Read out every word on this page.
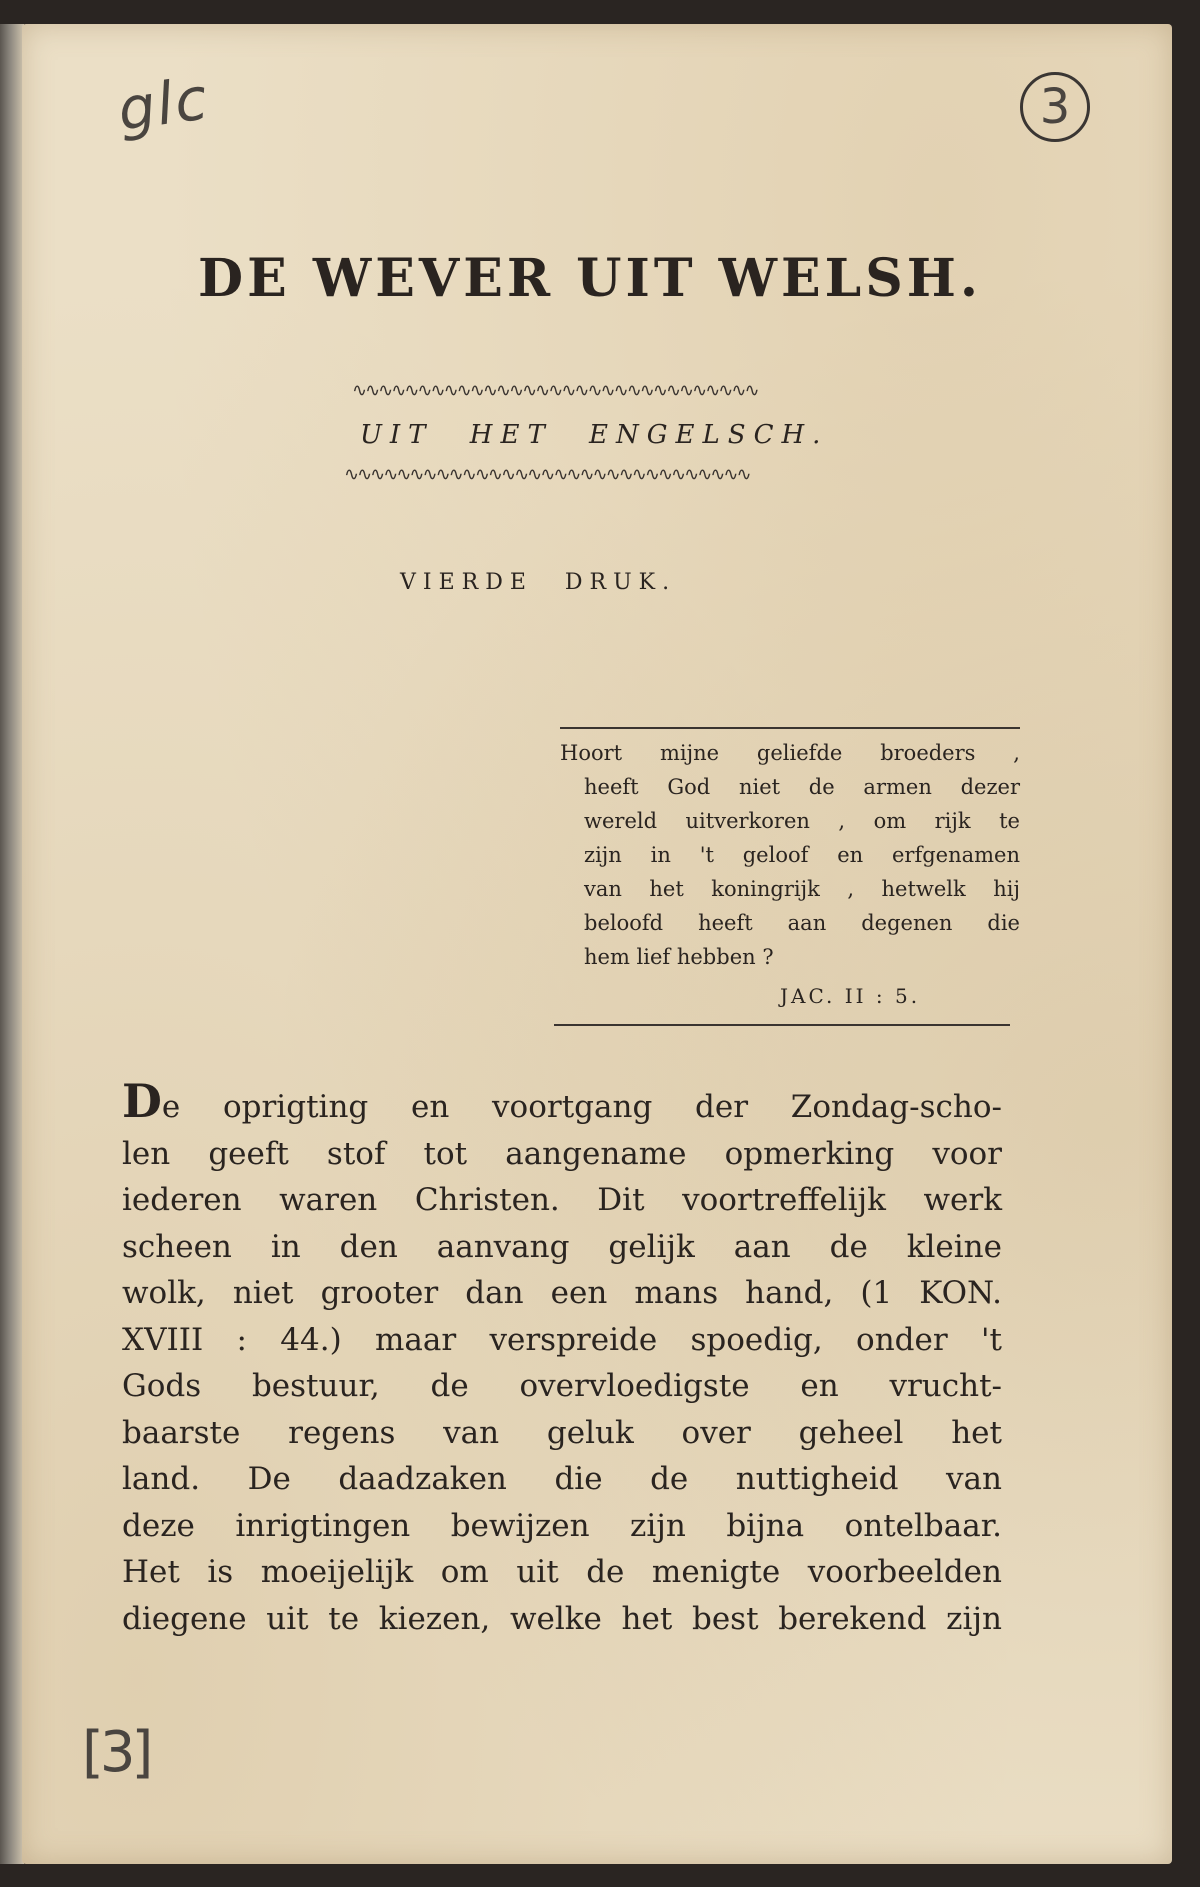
glc	3
DE WEVER UIT WELSH.
∿∿∿∿∿∿∿∿∿∿∿∿∿∿∿∿∿∿∿∿∿∿∿∿∿∿∿∿∿∿∿
UIT HET ENGELSCH.
∿∿∿∿∿∿∿∿∿∿∿∿∿∿∿∿∿∿∿∿∿∿∿∿∿∿∿∿∿∿∿
VIERDE DRUK.
Hoort mijne geliefde broeders ,
heeft God niet de armen dezer
wereld uitverkoren , om rijk te
zijn in 't geloof en erfgenamen
van het koningrijk , hetwelk hij
beloofd heeft aan degenen die
hem lief hebben ?
JAC. II : 5.
De oprigting en voortgang der Zondag-scho-
len geeft stof tot aangename opmerking voor
iederen waren Christen. Dit voortreffelijk werk
scheen in den aanvang gelijk aan de kleine
wolk, niet grooter dan een mans hand, (1 KON.
XVIII : 44.) maar verspreide spoedig, onder 't
Gods bestuur, de overvloedigste en vrucht-
baarste regens van geluk over geheel het
land. De daadzaken die de nuttigheid van
deze inrigtingen bewijzen zijn bijna ontelbaar.
Het is moeijelijk om uit de menigte voorbeelden
diegene uit te kiezen, welke het best berekend zijn
[3]
